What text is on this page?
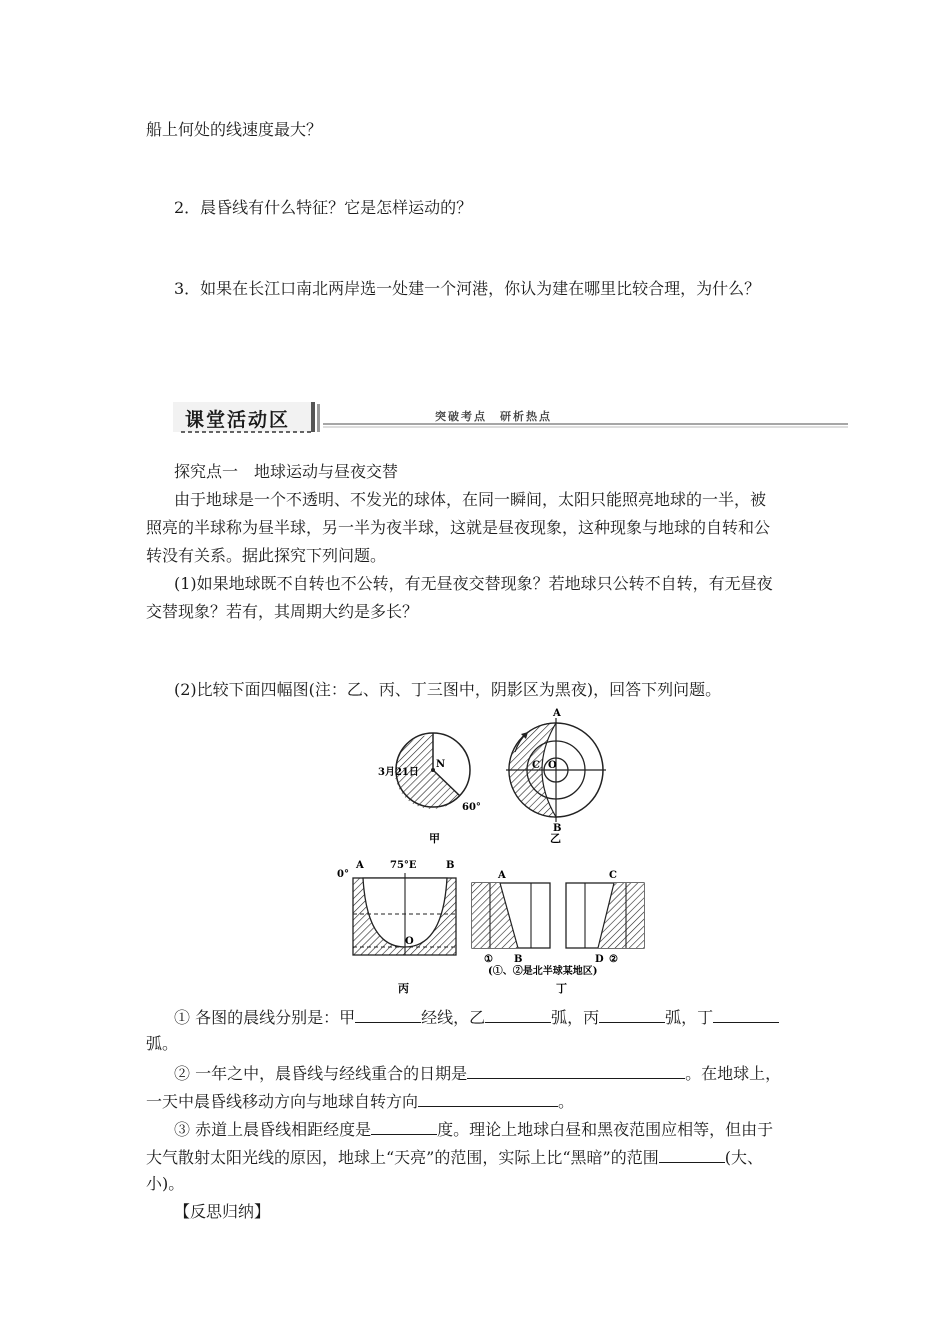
船上何处的线速度最大？
2．晨昏线有什么特征？它是怎样运动的？
3．如果在长江口南北两岸选一处建一个河港，你认为建在哪里比较合理，为什么？
课堂活动区	突破考点　研析热点
探究点一　地球运动与昼夜交替
由于地球是一个不透明、不发光的球体，在同一瞬间，太阳只能照亮地球的一半，被
照亮的半球称为昼半球，另一半为夜半球，这就是昼夜现象，这种现象与地球的自转和公
转没有关系。据此探究下列问题。
(1)如果地球既不自转也不公转，有无昼夜交替现象？若地球只公转不自转，有无昼夜
交替现象？若有，其周期大约是多长？
(2)比较下面四幅图(注：乙、丙、丁三图中，阴影区为黑夜)，回答下列问题。
3月21日
N
60°
甲
A
B
C O
乙
0°
A	75°E	B
O
丙
A
① B
C
D ②
(①、②是北半球某地区)
丁
① 各图的晨线分别是：甲	经线，乙	弧，丙	弧，丁
弧。
② 一年之中，晨昏线与经线重合的日期是	。在地球上，
一天中晨昏线移动方向与地球自转方向	。
③ 赤道上晨昏线相距经度是	度。理论上地球白昼和黑夜范围应相等，但由于
大气散射太阳光线的原因，地球上“天亮”的范围，实际上比“黑暗”的范围	(大、
小)。
【反思归纳】
